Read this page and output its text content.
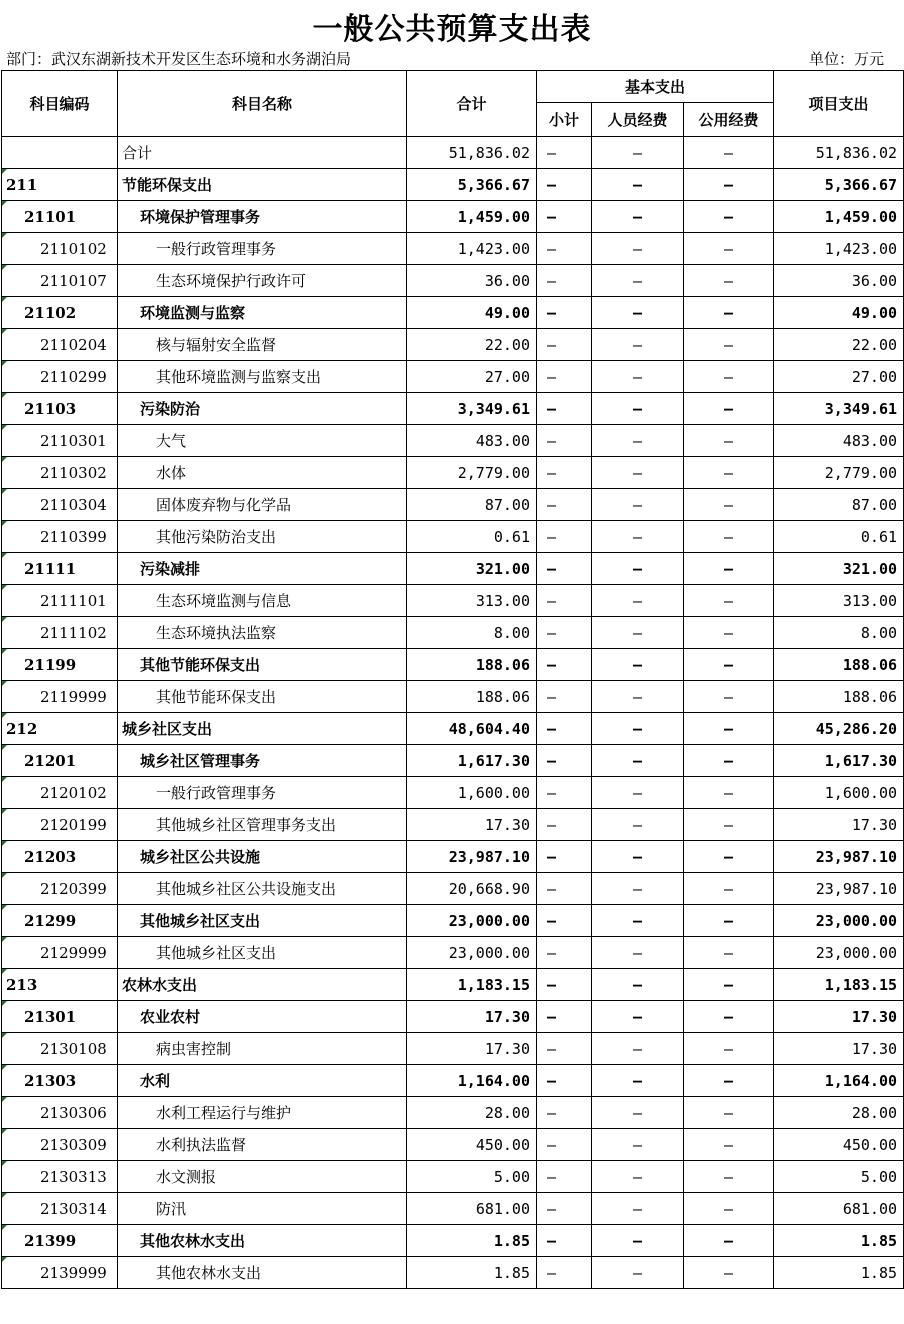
一般公共预算支出表
部门：武汉东湖新技术开发区生态环境和水务湖泊局	单位：万元
科目编码	科目名称	合计	基本支出			项目支出
			小计	人员经费	公用经费	
	合计	51,836.02	–	–	–	51,836.02
211	节能环保支出	5,366.67	–	–	–	5,366.67
21101	环境保护管理事务	1,459.00	–	–	–	1,459.00
2110102	一般行政管理事务	1,423.00	–	–	–	1,423.00
2110107	生态环境保护行政许可	36.00	–	–	–	36.00
21102	环境监测与监察	49.00	–	–	–	49.00
2110204	核与辐射安全监督	22.00	–	–	–	22.00
2110299	其他环境监测与监察支出	27.00	–	–	–	27.00
21103	污染防治	3,349.61	–	–	–	3,349.61
2110301	大气	483.00	–	–	–	483.00
2110302	水体	2,779.00	–	–	–	2,779.00
2110304	固体废弃物与化学品	87.00	–	–	–	87.00
2110399	其他污染防治支出	0.61	–	–	–	0.61
21111	污染减排	321.00	–	–	–	321.00
2111101	生态环境监测与信息	313.00	–	–	–	313.00
2111102	生态环境执法监察	8.00	–	–	–	8.00
21199	其他节能环保支出	188.06	–	–	–	188.06
2119999	其他节能环保支出	188.06	–	–	–	188.06
212	城乡社区支出	48,604.40	–	–	–	45,286.20
21201	城乡社区管理事务	1,617.30	–	–	–	1,617.30
2120102	一般行政管理事务	1,600.00	–	–	–	1,600.00
2120199	其他城乡社区管理事务支出	17.30	–	–	–	17.30
21203	城乡社区公共设施	23,987.10	–	–	–	23,987.10
2120399	其他城乡社区公共设施支出	20,668.90	–	–	–	23,987.10
21299	其他城乡社区支出	23,000.00	–	–	–	23,000.00
2129999	其他城乡社区支出	23,000.00	–	–	–	23,000.00
213	农林水支出	1,183.15	–	–	–	1,183.15
21301	农业农村	17.30	–	–	–	17.30
2130108	病虫害控制	17.30	–	–	–	17.30
21303	水利	1,164.00	–	–	–	1,164.00
2130306	水利工程运行与维护	28.00	–	–	–	28.00
2130309	水利执法监督	450.00	–	–	–	450.00
2130313	水文测报	5.00	–	–	–	5.00
2130314	防汛	681.00	–	–	–	681.00
21399	其他农林水支出	1.85	–	–	–	1.85
2139999	其他农林水支出	1.85	–	–	–	1.85
